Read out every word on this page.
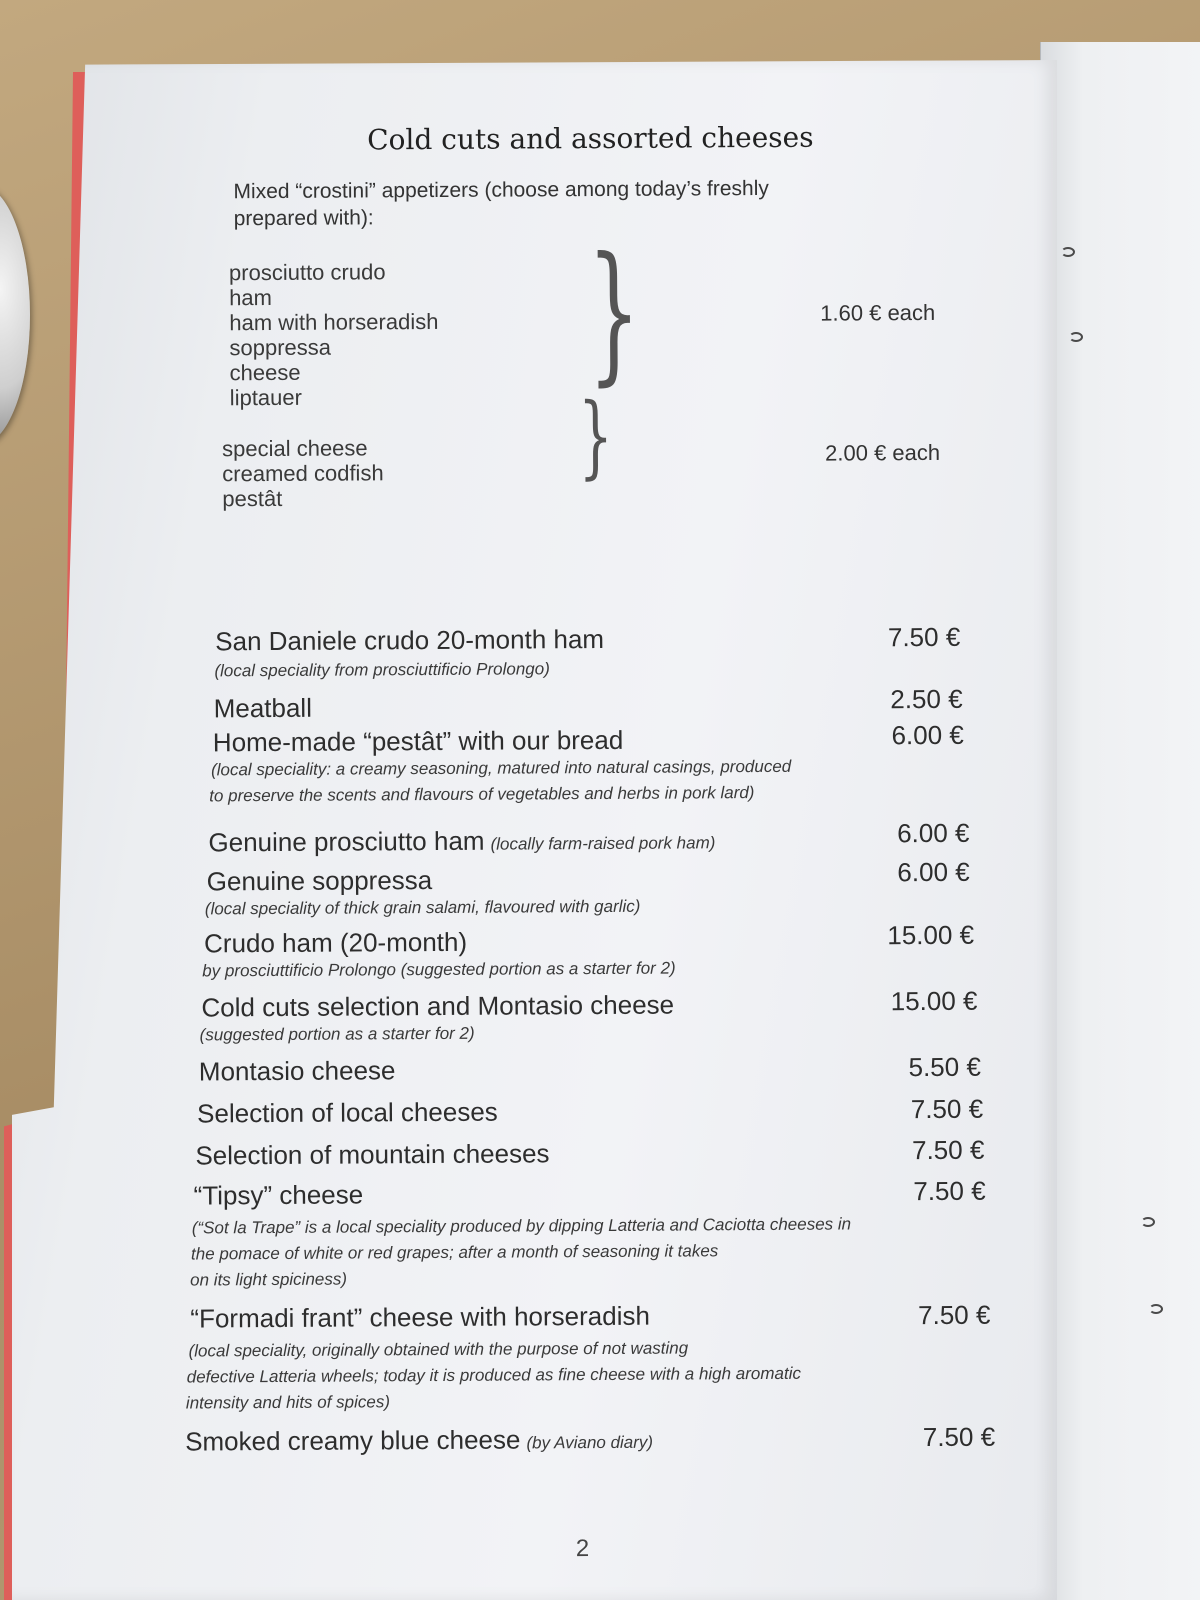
Cold cuts and assorted cheeses
Mixed “crostini” appetizers (choose among today’s freshly
prepared with):
prosciutto crudo
ham
ham with horseradish
soppressa
cheese
liptauer	}	1.60 € each
special cheese
creamed codfish
pestât
}	2.00 € each
San Daniele crudo 20-month ham
(local speciality from prosciuttificio Prolongo)
7.50 €
Meatball	2.50 €
Home-made “pestât” with our bread
(local speciality: a creamy seasoning, matured into natural casings, produced
to preserve the scents and flavours of vegetables and herbs in pork lard)
6.00 €
Genuine prosciutto ham (locally farm-raised pork ham)	6.00 €
Genuine soppressa
(local speciality of thick grain salami, flavoured with garlic)
6.00 €
Crudo ham (20-month)
by prosciuttificio Prolongo (suggested portion as a starter for 2)
15.00 €
Cold cuts selection and Montasio cheese
(suggested portion as a starter for 2)
15.00 €
Montasio cheese	5.50 €
Selection of local cheeses	7.50 €
Selection of mountain cheeses	7.50 €
“Tipsy” cheese
(“Sot la Trape” is a local speciality produced by dipping Latteria and Caciotta cheeses in
the pomace of white or red grapes; after a month of seasoning it takes
on its light spiciness)
7.50 €
“Formadi frant” cheese with horseradish
(local speciality, originally obtained with the purpose of not wasting
defective Latteria wheels; today it is produced as fine cheese with a high aromatic
intensity and hits of spices)
7.50 €
Smoked creamy blue cheese (by Aviano diary)	7.50 €
2
